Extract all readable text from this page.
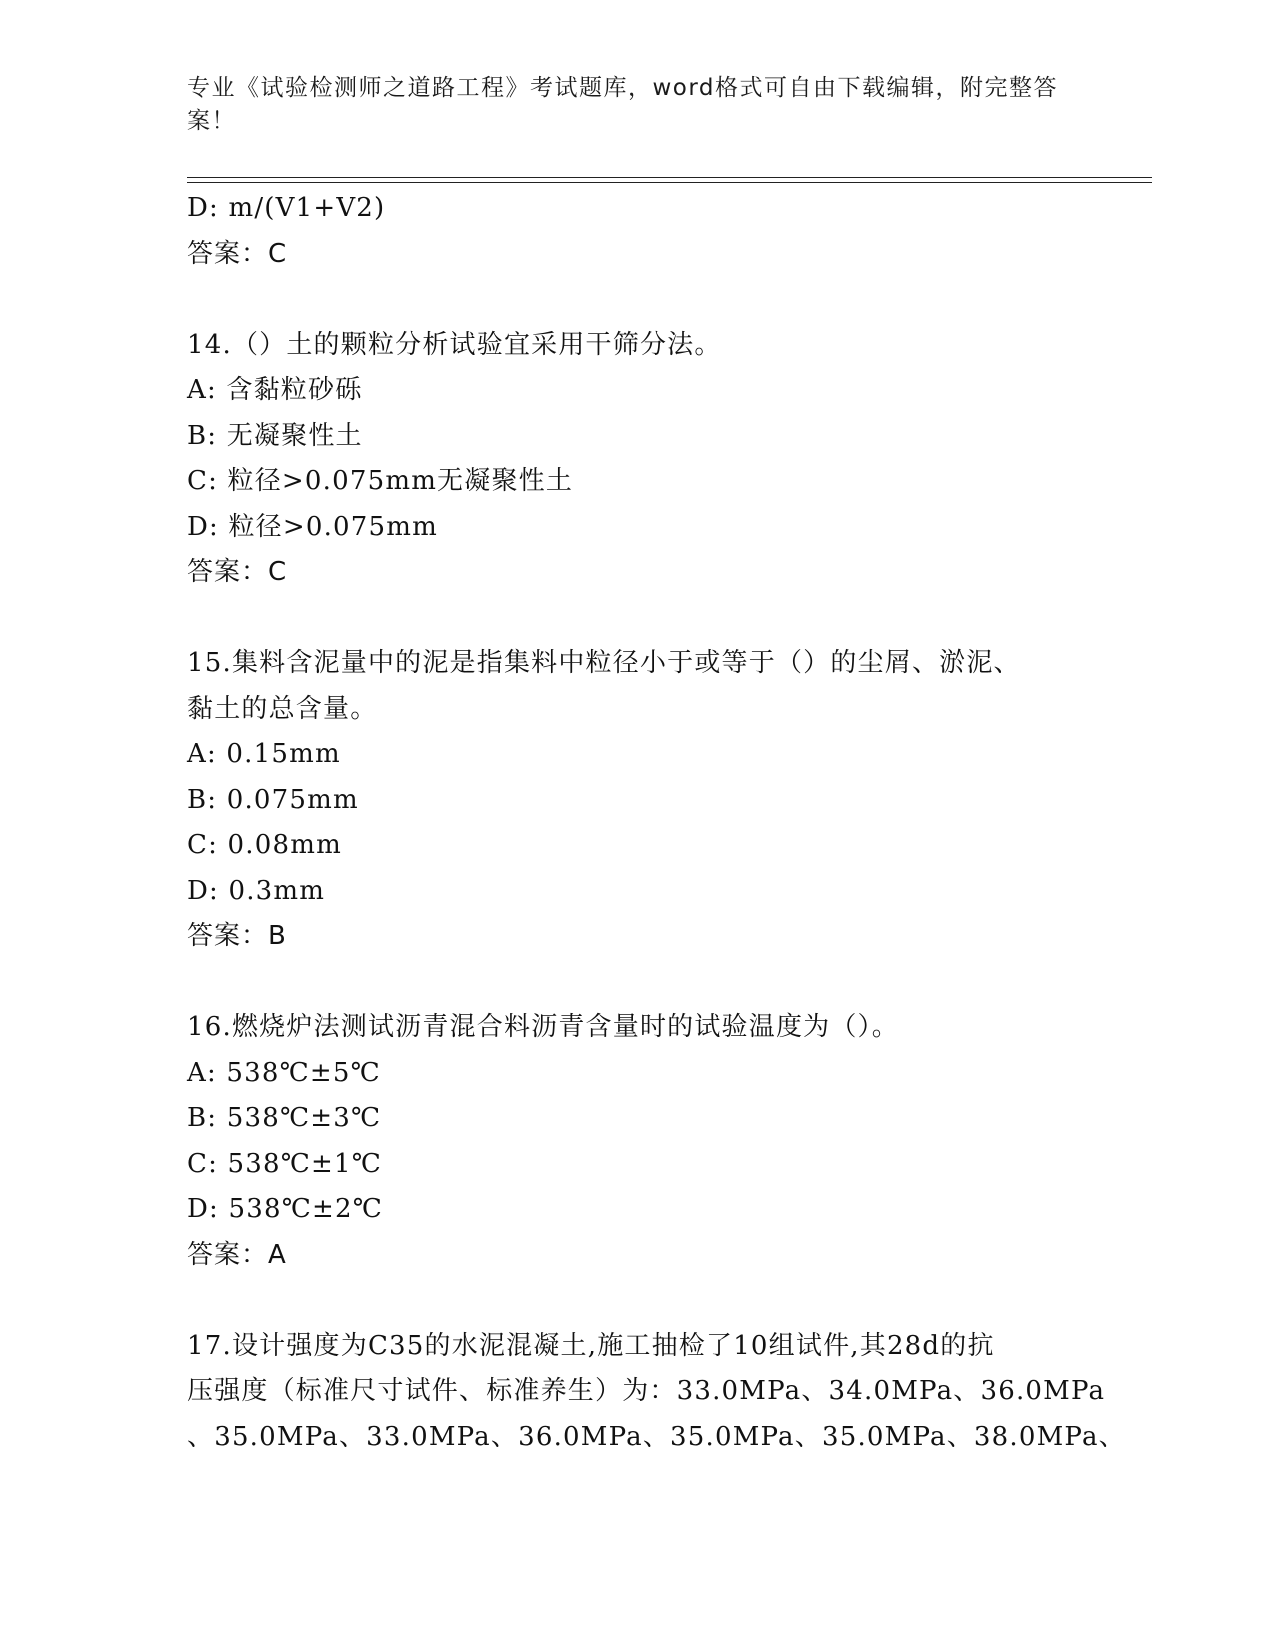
专业《试验检测师之道路工程》考试题库，word格式可自由下载编辑，附完整答案！
D: m/(V1+V2)
答案：C
14.（）土的颗粒分析试验宜采用干筛分法。
A: 含黏粒砂砾
B: 无凝聚性土
C: 粒径>0.075mm无凝聚性土
D: 粒径>0.075mm
答案：C
15.集料含泥量中的泥是指集料中粒径小于或等于（）的尘屑、淤泥、
黏土的总含量。
A: 0.15mm
B: 0.075mm
C: 0.08mm
D: 0.3mm
答案：B
16.燃烧炉法测试沥青混合料沥青含量时的试验温度为（）。
A: 538℃±5℃
B: 538℃±3℃
C: 538℃±1℃
D: 538℃±2℃
答案：A
17.设计强度为C35的水泥混凝土,施工抽检了10组试件,其28d的抗
压强度（标准尺寸试件、标准养生）为：33.0MPa、34.0MPa、36.0MPa
、35.0MPa、33.0MPa、36.0MPa、35.0MPa、35.0MPa、38.0MPa、
